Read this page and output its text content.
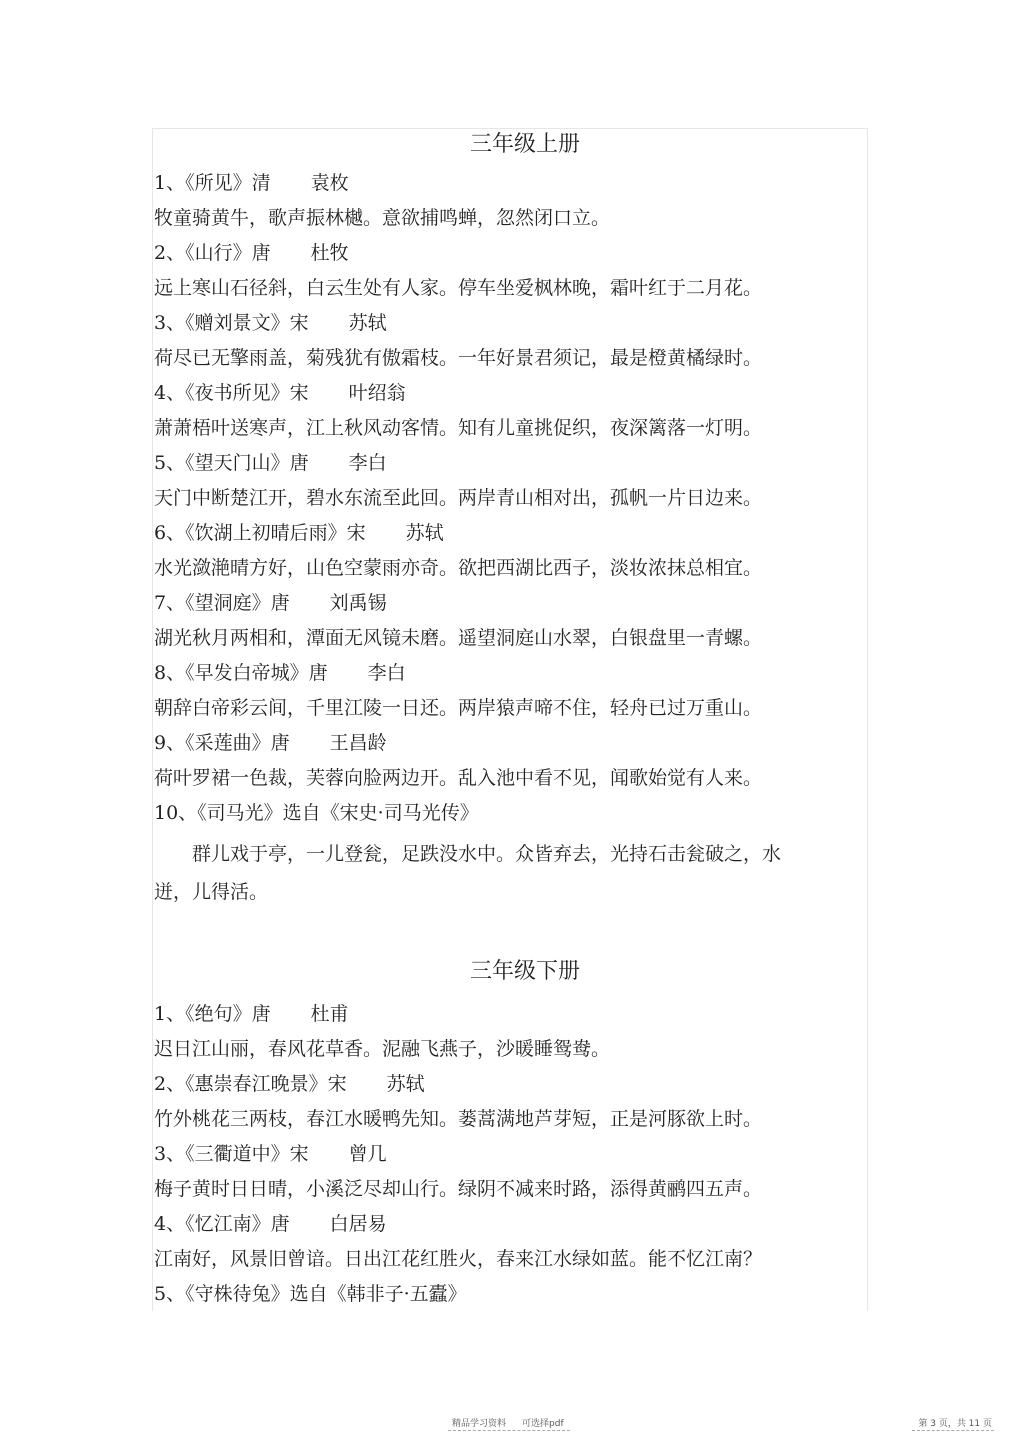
三年级上册
1、《所见》清 袁枚
牧童骑黄牛，歌声振林樾。意欲捕鸣蝉，忽然闭口立。
2、《山行》唐 杜牧
远上寒山石径斜，白云生处有人家。停车坐爱枫林晚，霜叶红于二月花。
3、《赠刘景文》宋 苏轼
荷尽已无擎雨盖，菊残犹有傲霜枝。一年好景君须记，最是橙黄橘绿时。
4、《夜书所见》宋 叶绍翁
萧萧梧叶送寒声，江上秋风动客情。知有儿童挑促织，夜深篱落一灯明。
5、《望天门山》唐 李白
天门中断楚江开，碧水东流至此回。两岸青山相对出，孤帆一片日边来。
6、《饮湖上初晴后雨》宋 苏轼
水光潋滟晴方好，山色空蒙雨亦奇。欲把西湖比西子，淡妆浓抹总相宜。
7、《望洞庭》唐 刘禹锡
湖光秋月两相和，潭面无风镜未磨。遥望洞庭山水翠，白银盘里一青螺。
8、《早发白帝城》唐 李白
朝辞白帝彩云间，千里江陵一日还。两岸猿声啼不住，轻舟已过万重山。
9、《采莲曲》唐 王昌龄
荷叶罗裙一色裁，芙蓉向脸两边开。乱入池中看不见，闻歌始觉有人来。
10、《司马光》选自《宋史·司马光传》
群儿戏于亭，一儿登瓮，足跌没水中。众皆弃去，光持石击瓮破之，水
迸，儿得活。
三年级下册
1、《绝句》唐 杜甫
迟日江山丽，春风花草香。泥融飞燕子，沙暖睡鸳鸯。
2、《惠崇春江晚景》宋 苏轼
竹外桃花三两枝，春江水暖鸭先知。蒌蒿满地芦芽短，正是河豚欲上时。
3、《三衢道中》宋 曾几
梅子黄时日日晴，小溪泛尽却山行。绿阴不减来时路，添得黄鹂四五声。
4、《忆江南》唐 白居易
江南好，风景旧曾谙。日出江花红胜火，春来江水绿如蓝。能不忆江南？
5、《守株待兔》选自《韩非子·五蠹》
精品学习资料 可选择pdf	第 3 页，共 11 页
